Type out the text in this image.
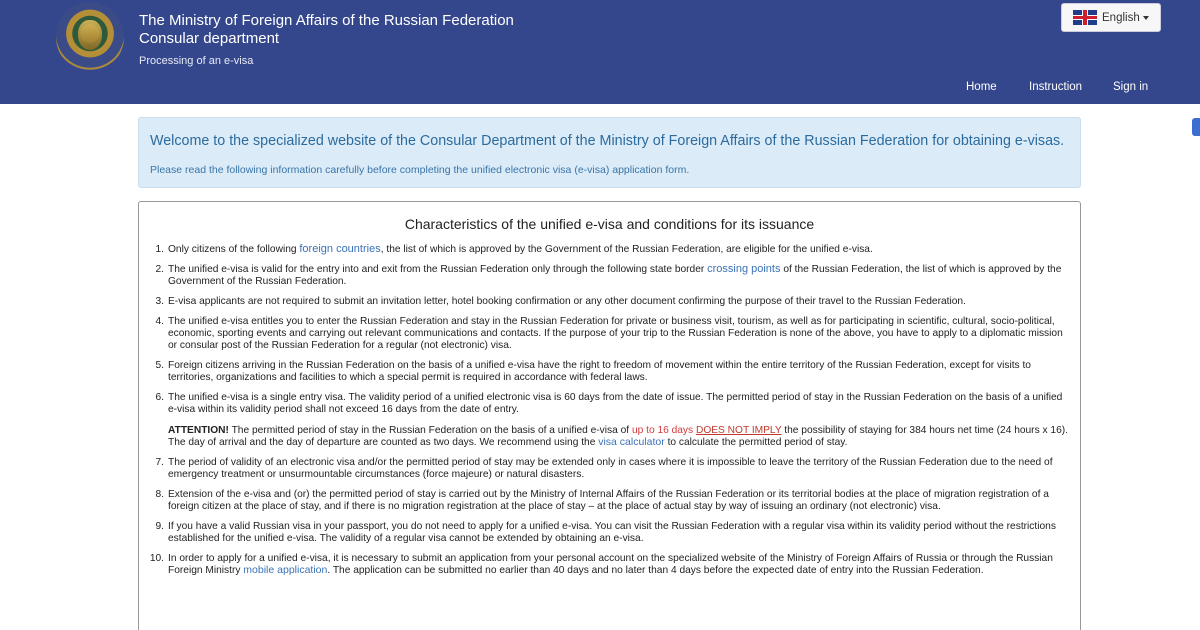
The Ministry of Foreign Affairs of the Russian Federation
Consular department
Processing of an e-visa
English
Home	Instruction	Sign in
Welcome to the specialized website of the Consular Department of the Ministry of Foreign Affairs of the Russian Federation for obtaining e-visas.

Please read the following information carefully before completing the unified electronic visa (e-visa) application form.

Characteristics of the unified e-visa and conditions for its issuance
1. Only citizens of the following foreign countries, the list of which is approved by the Government of the Russian Federation, are eligible for the unified e-visa.
2. The unified e-visa is valid for the entry into and exit from the Russian Federation only through the following state border crossing points of the Russian Federation, the list of which is approved by the Government of the Russian Federation.
3. E-visa applicants are not required to submit an invitation letter, hotel booking confirmation or any other document confirming the purpose of their travel to the Russian Federation.
4. The unified e-visa entitles you to enter the Russian Federation and stay in the Russian Federation for private or business visit, tourism, as well as for participating in scientific, cultural, socio-political, economic, sporting events and carrying out relevant communications and contacts. If the purpose of your trip to the Russian Federation is none of the above, you have to apply to a diplomatic mission or consular post of the Russian Federation for a regular (not electronic) visa.
5. Foreign citizens arriving in the Russian Federation on the basis of a unified e-visa have the right to freedom of movement within the entire territory of the Russian Federation, except for visits to territories, organizations and facilities to which a special permit is required in accordance with federal laws.
6. The unified e-visa is a single entry visa. The validity period of a unified electronic visa is 60 days from the date of issue. The permitted period of stay in the Russian Federation on the basis of a unified e-visa within its validity period shall not exceed 16 days from the date of entry.
ATTENTION! The permitted period of stay in the Russian Federation on the basis of a unified e-visa of up to 16 days DOES NOT IMPLY the possibility of staying for 384 hours net time (24 hours x 16). The day of arrival and the day of departure are counted as two days. We recommend using the visa calculator to calculate the permitted period of stay.
7. The period of validity of an electronic visa and/or the permitted period of stay may be extended only in cases where it is impossible to leave the territory of the Russian Federation due to the need of emergency treatment or unsurmountable circumstances (force majeure) or natural disasters.
8. Extension of the e-visa and (or) the permitted period of stay is carried out by the Ministry of Internal Affairs of the Russian Federation or its territorial bodies at the place of migration registration of a foreign citizen at the place of stay, and if there is no migration registration at the place of stay – at the place of actual stay by way of issuing an ordinary (not electronic) visa.
9. If you have a valid Russian visa in your passport, you do not need to apply for a unified e-visa. You can visit the Russian Federation with a regular visa within its validity period without the restrictions established for the unified e-visa. The validity of a regular visa cannot be extended by obtaining an e-visa.
10. In order to apply for a unified e-visa, it is necessary to submit an application from your personal account on the specialized website of the Ministry of Foreign Affairs of Russia or through the Russian Foreign Ministry mobile application. The application can be submitted no earlier than 40 days and no later than 4 days before the expected date of entry into the Russian Federation.
